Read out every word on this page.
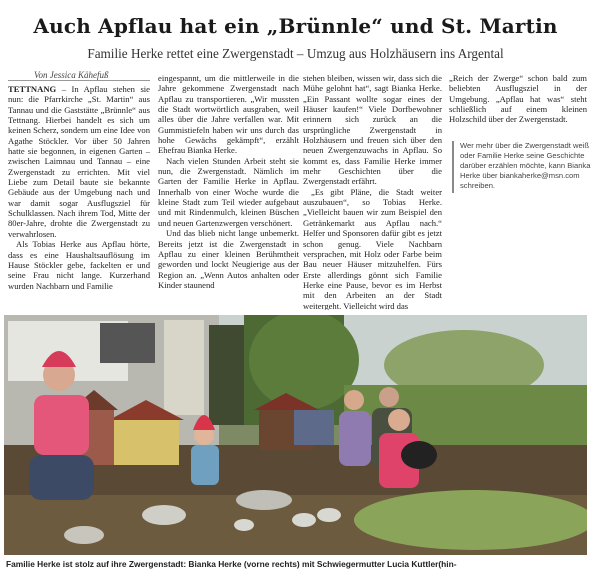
Auch Apflau hat ein „Brünnle“ und St. Martin
Familie Herke rettet eine Zwergenstadt – Umzug aus Holzhäusern ins Argental
Von Jessica Kähefuß

TETTNANG – In Apflau stehen sie nun: die Pfarrkirche „St. Martin“ aus Tannau und die Gaststätte „Brünnle“ aus Tettnang. Hierbei handelt es sich um keinen Scherz, sondern um eine Idee von Agathe Stöckler. Vor über 50 Jahren hatte sie begonnen, in eigenen Garten – zwischen Laimnau und Tannau – eine Zwergenstadt zu errichten. Mit viel Liebe zum Detail baute sie bekannte Gebäude aus der Umgebung nach und war damit sogar Ausflugsziel für Schulklassen. Nach ihrem Tod, Mitte der 80er-Jahre, drohte die Zwergenstadt zu verwahrlosen.

Als Tobias Herke aus Apflau hörte, dass es eine Haushaltsauflösung im Hause Stöckler gebe, fackelten er und seine Frau nicht lange. Kurzerhand wurden Nachbarn und Familie

eingespannt, um die mittlerweile in die Jahre gekommene Zwergenstadt nach Apflau zu transportieren. „Wir mussten die Stadt wortwörtlich ausgraben, weil alles über die Jahre verfallen war. Mit Gummistiefeln haben wir uns durch das hohe Gewächs gekämpft“, erzählt Ehefrau Bianka Herke.

Nach vielen Stunden Arbeit steht sie nun, die Zwergenstadt. Nämlich im Garten der Familie Herke in Apflau. Innerhalb von einer Woche wurde die kleine Stadt zum Teil wieder aufgebaut und mit Rindenmulch, kleinen Büschen und neuen Gartenzwergen verschönert.

Und das blieb nicht lange unbemerkt. Bereits jetzt ist die Zwergenstadt in Apflau zu einer kleinen Berühmtheit geworden und lockt Neugierige aus der Region an. „Wenn Autos anhalten oder Kinder staunend

stehen bleiben, wissen wir, dass sich die Mühe gelohnt hat“, sagt Bianka Herke. „Ein Passant wollte sogar eines der Häuser kaufen!“ Viele Dorfbewohner erinnern sich zurück an die ursprüngliche Zwergenstadt in Holzhäusern und freuen sich über den neuen Zwergenzuwachs in Apflau. So kommt es, dass Familie Herke immer mehr Geschichten über die Zwergenstadt erfährt.

„Es gibt Pläne, die Stadt weiter auszubauen“, so Tobias Herke. „Vielleicht bauen wir zum Beispiel den Getränkemarkt aus Apflau nach.“ Helfer und Sponsoren dafür gibt es jetzt schon genug. Viele Nachbarn versprachen, mit Holz oder Farbe beim Bau neuer Häuser mitzuhelfen. Fürs Erste allerdings gönnt sich Familie Herke eine Pause, bevor es im Herbst mit den Arbeiten an der Stadt weitergeht. Vielleicht wird das

„Reich der Zwerge“ schon bald zum beliebten Ausflugsziel in der Umgebung. „Apflau hat was“ steht schließlich auf einem kleinen Holzschild über der Zwergenstadt.

Wer mehr über die Zwergenstadt weiß oder Familie Herke seine Geschichte darüber erzählen möchte, kann Bianka Herke über biankaherke@msn.com schreiben.
Familie Herke ist stolz auf ihre Zwergenstadt: Bianka Herke (vorne rechts) mit Schwiegermutter Lucia Kuttler(hin-
